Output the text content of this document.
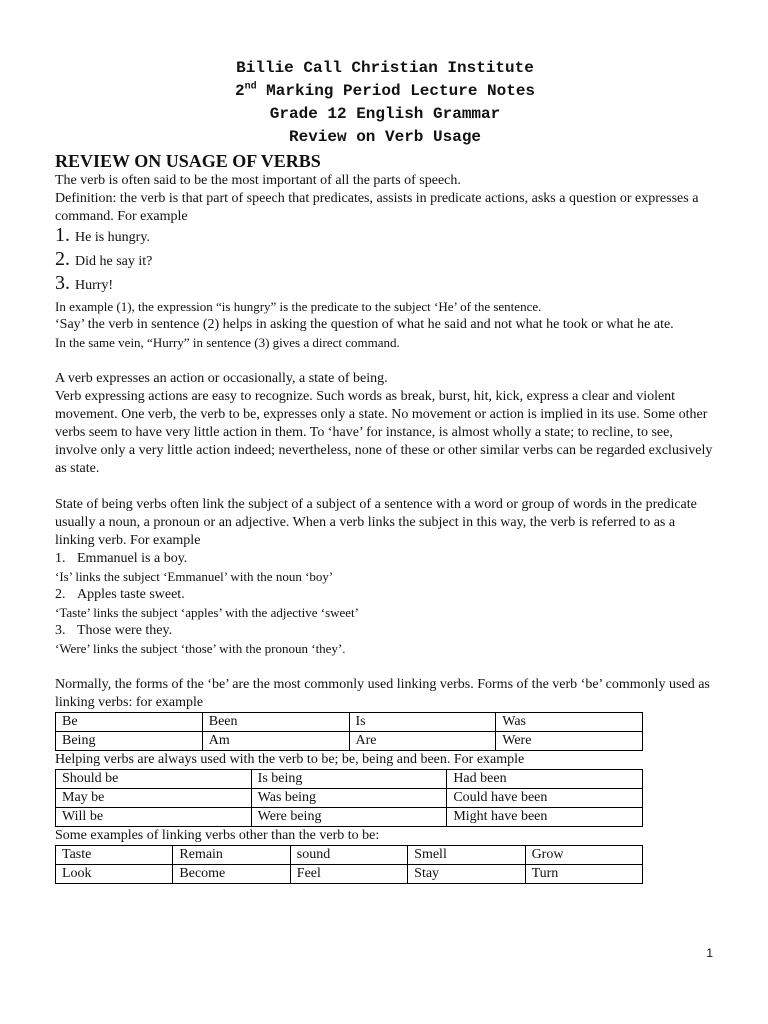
Billie Call Christian Institute
2nd Marking Period Lecture Notes
Grade 12 English Grammar
Review on Verb Usage
REVIEW ON USAGE OF VERBS

The verb is often said to be the most important of all the parts of speech.

Definition: the verb is that part of speech that predicates, assists in predicate actions, asks a question or expresses a command. For example

1. He is hungry.
2. Did he say it?
3. Hurry!

In example (1), the expression “is hungry” is the predicate to the subject ‘He’ of the sentence.

‘Say’ the verb in sentence (2) helps in asking the question of what he said and not what he took or what he ate.

In the same vein, “Hurry” in sentence (3) gives a direct command.

A verb expresses an action or occasionally, a state of being.

Verb expressing actions are easy to recognize. Such words as break, burst, hit, kick, express a clear and violent movement. One verb, the verb to be, expresses only a state. No movement or action is implied in its use. Some other verbs seem to have very little action in them. To ‘have’ for instance, is almost wholly a state; to recline, to see, involve only a very little action indeed; nevertheless, none of these or other similar verbs can be regarded exclusively as state.

State of being verbs often link the subject of a subject of a sentence with a word or group of words in the predicate usually a noun, a pronoun or an adjective. When a verb links the subject in this way, the verb is referred to as a linking verb. For example

1. Emmanuel is a boy.

‘Is’ links the subject ‘Emmanuel’ with the noun ‘boy’

2. Apples taste sweet.

‘Taste’ links the subject ‘apples’ with the adjective ‘sweet’

3. Those were they.

‘Were’ links the subject ‘those’ with the pronoun ‘they’.

Normally, the forms of the ‘be’ are the most commonly used linking verbs. Forms of the verb ‘be’ commonly used as linking verbs: for example

Be	Been	Is	Was
Being	Am	Are	Were

Helping verbs are always used with the verb to be; be, being and been. For example

Should be	Is being	Had been
May be	Was being	Could have been
Will be	Were being	Might have been

Some examples of linking verbs other than the verb to be:

Taste	Remain	sound	Smell	Grow
Look	Become	Feel	Stay	Turn
1
